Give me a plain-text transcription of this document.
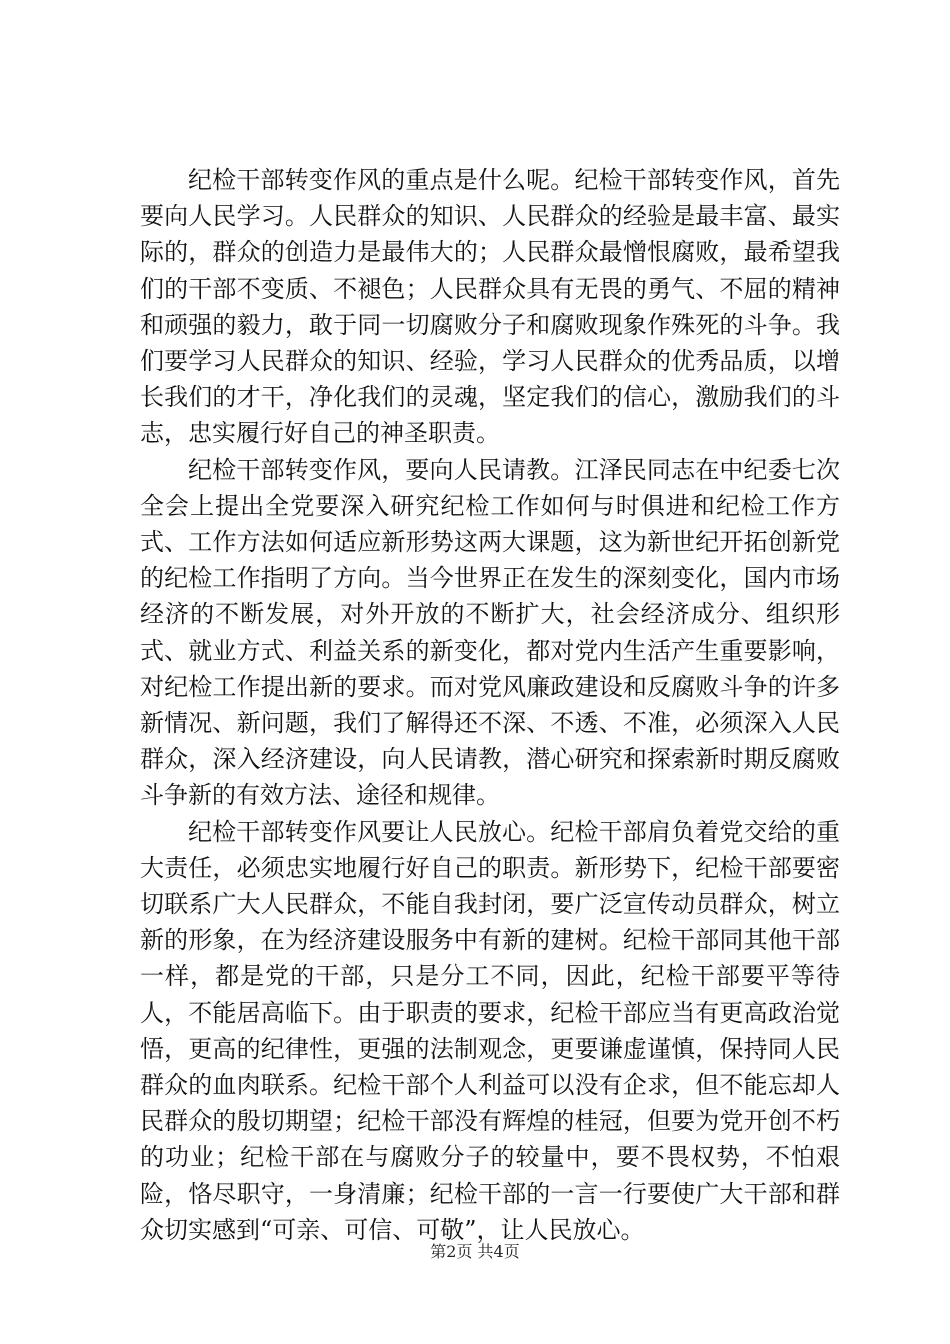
纪检干部转变作风的重点是什么呢。纪检干部转变作风，首先要向人民学习。人民群众的知识、人民群众的经验是最丰富、最实际的，群众的创造力是最伟大的；人民群众最憎恨腐败，最希望我们的干部不变质、不褪色；人民群众具有无畏的勇气、不屈的精神和顽强的毅力，敢于同一切腐败分子和腐败现象作殊死的斗争。我们要学习人民群众的知识、经验，学习人民群众的优秀品质，以增长我们的才干，净化我们的灵魂，坚定我们的信心，激励我们的斗志，忠实履行好自己的神圣职责。

纪检干部转变作风，要向人民请教。江泽民同志在中纪委七次全会上提出全党要深入研究纪检工作如何与时俱进和纪检工作方式、工作方法如何适应新形势这两大课题，这为新世纪开拓创新党的纪检工作指明了方向。当今世界正在发生的深刻变化，国内市场经济的不断发展，对外开放的不断扩大，社会经济成分、组织形式、就业方式、利益关系的新变化，都对党内生活产生重要影响，对纪检工作提出新的要求。而对党风廉政建设和反腐败斗争的许多新情况、新问题，我们了解得还不深、不透、不准，必须深入人民群众，深入经济建设，向人民请教，潜心研究和探索新时期反腐败斗争新的有效方法、途径和规律。

纪检干部转变作风要让人民放心。纪检干部肩负着党交给的重大责任，必须忠实地履行好自己的职责。新形势下，纪检干部要密切联系广大人民群众，不能自我封闭，要广泛宣传动员群众，树立新的形象，在为经济建设服务中有新的建树。纪检干部同其他干部一样，都是党的干部，只是分工不同，因此，纪检干部要平等待人，不能居高临下。由于职责的要求，纪检干部应当有更高政治觉悟，更高的纪律性，更强的法制观念，更要谦虚谨慎，保持同人民群众的血肉联系。纪检干部个人利益可以没有企求，但不能忘却人民群众的殷切期望；纪检干部没有辉煌的桂冠，但要为党开创不朽的功业；纪检干部在与腐败分子的较量中，要不畏权势，不怕艰险，恪尽职守，一身清廉；纪检干部的一言一行要使广大干部和群众切实感到“可亲、可信、可敬”，让人民放心。

第2页 共4页
